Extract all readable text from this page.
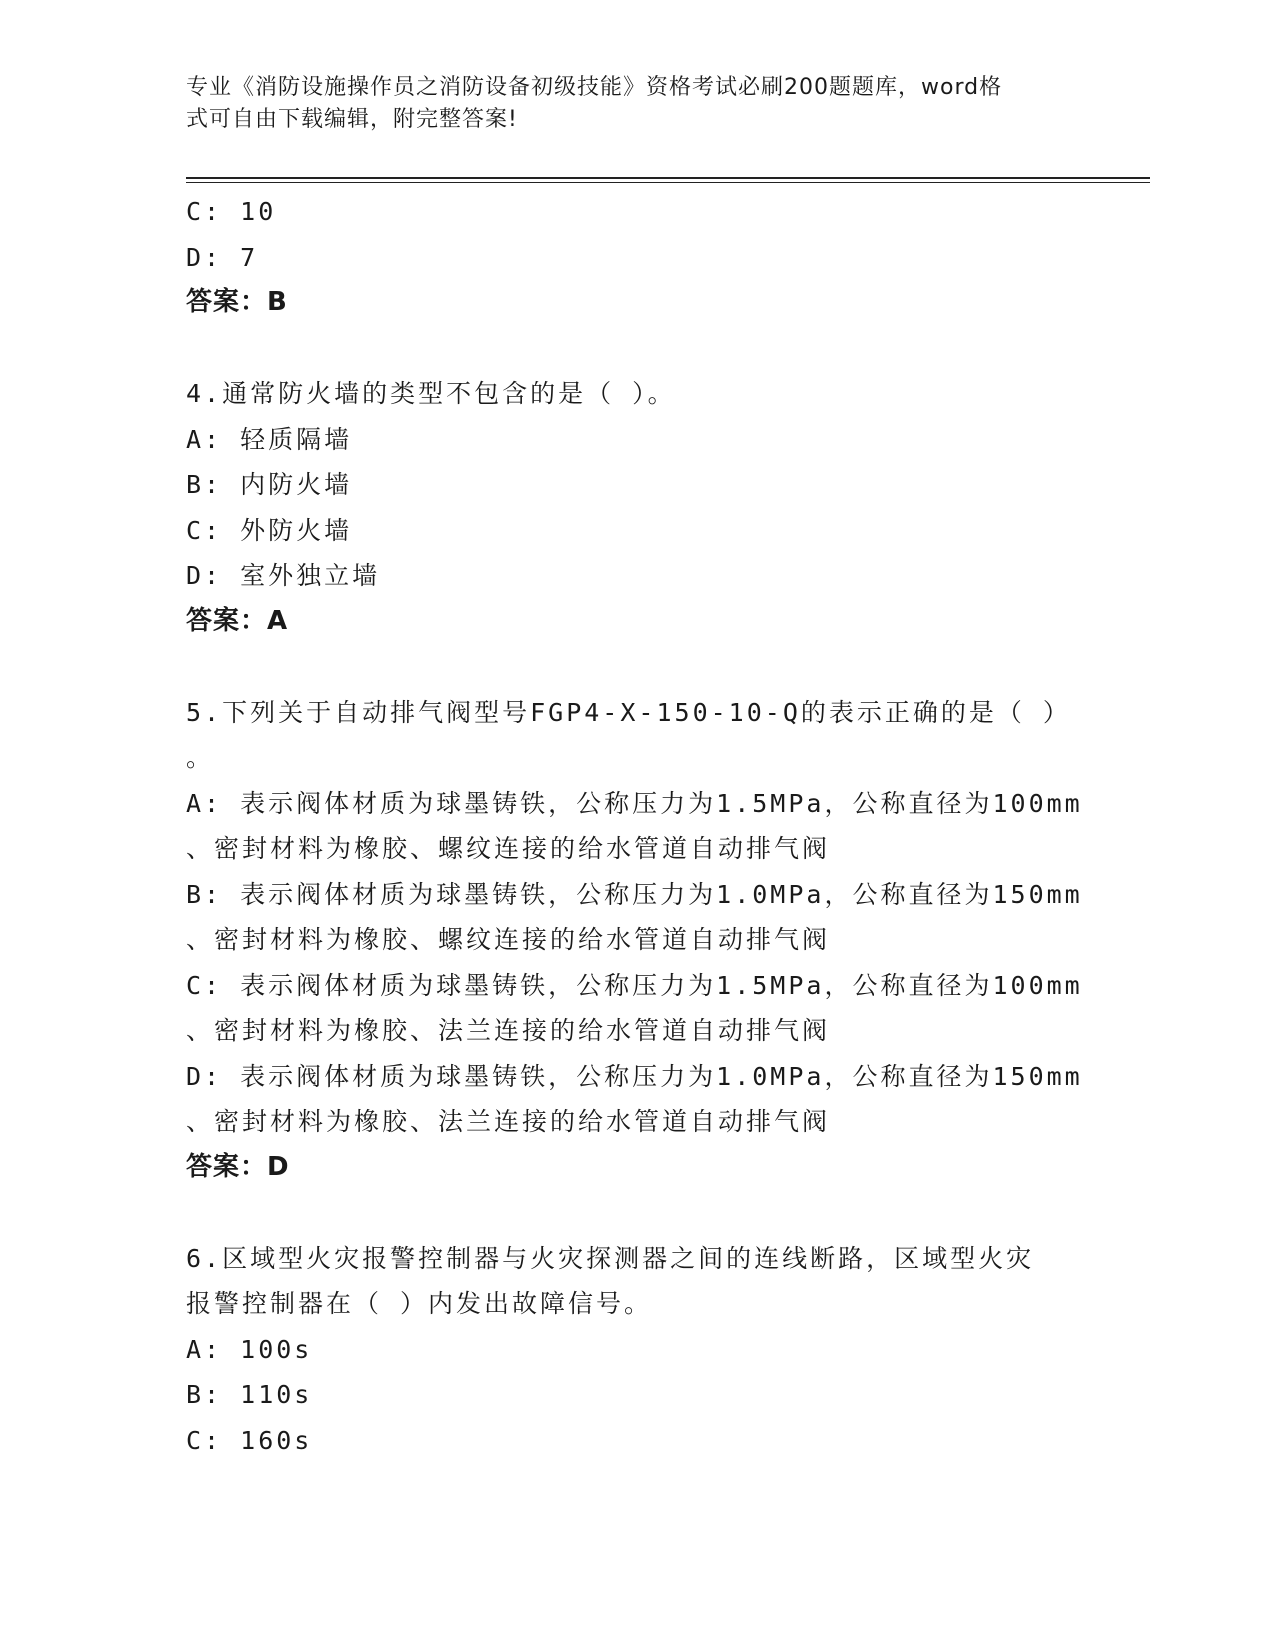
专业《消防设施操作员之消防设备初级技能》资格考试必刷200题题库，word格
式可自由下载编辑，附完整答案!
C: 10
D: 7
答案：B
4.通常防火墙的类型不包含的是（ ）。
A: 轻质隔墙
B: 内防火墙
C: 外防火墙
D: 室外独立墙
答案：A
5.下列关于自动排气阀型号FGP4-X-150-10-Q的表示正确的是（ ）
。
A: 表示阀体材质为球墨铸铁，公称压力为1.5MPa，公称直径为100mm
、密封材料为橡胶、螺纹连接的给水管道自动排气阀
B: 表示阀体材质为球墨铸铁，公称压力为1.0MPa，公称直径为150mm
、密封材料为橡胶、螺纹连接的给水管道自动排气阀
C: 表示阀体材质为球墨铸铁，公称压力为1.5MPa，公称直径为100mm
、密封材料为橡胶、法兰连接的给水管道自动排气阀
D: 表示阀体材质为球墨铸铁，公称压力为1.0MPa，公称直径为150mm
、密封材料为橡胶、法兰连接的给水管道自动排气阀
答案：D
6.区域型火灾报警控制器与火灾探测器之间的连线断路，区域型火灾
报警控制器在（ ）内发出故障信号。
A: 100s
B: 110s
C: 160s
